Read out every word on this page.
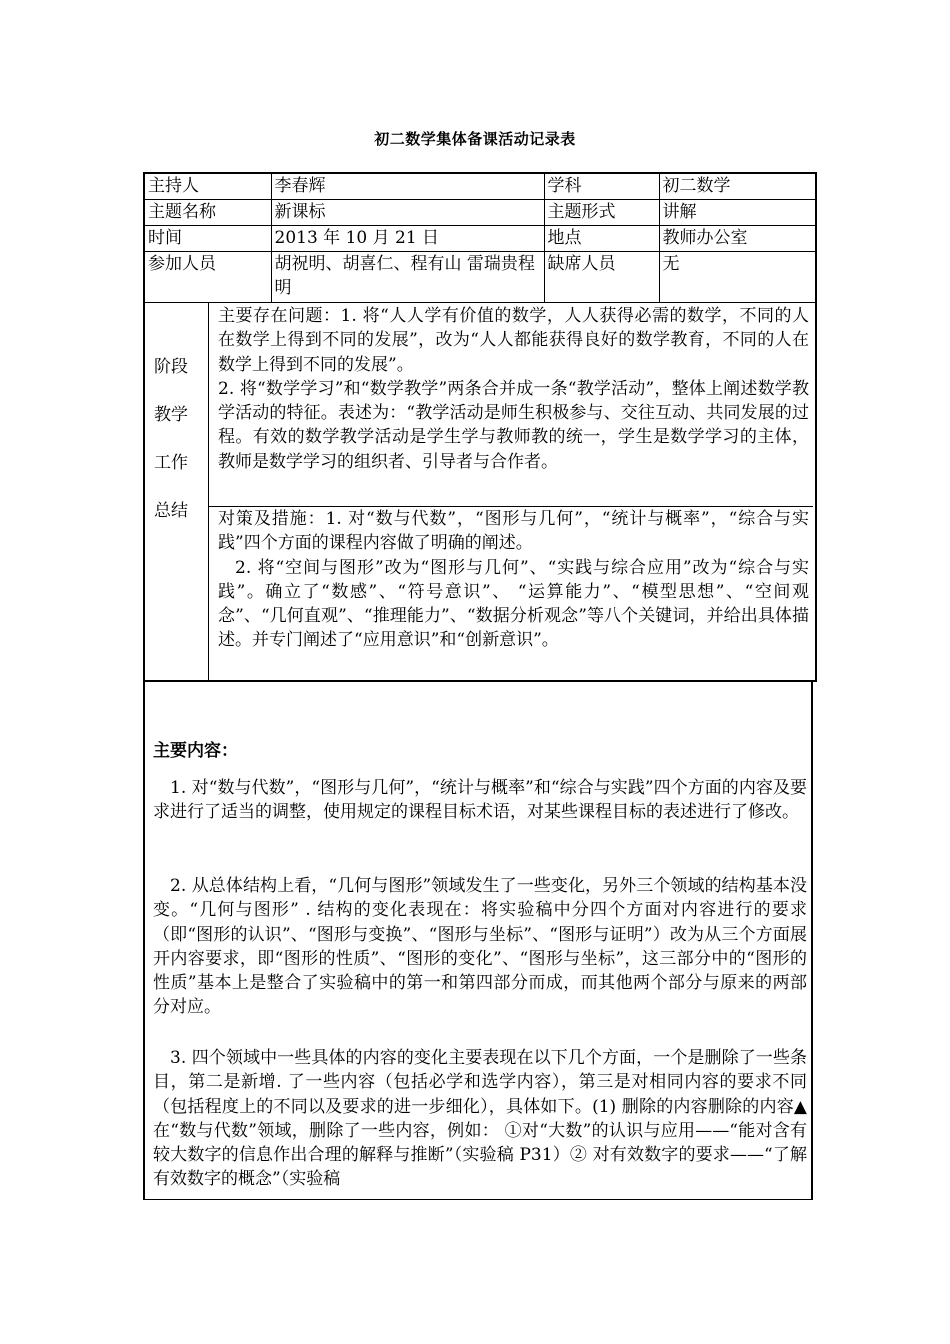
初二数学集体备课活动记录表
主持人	李春辉	学科	初二数学
主题名称	新课标	主题形式	讲解
时间	2013 年 10 月 21 日	地点	教师办公室
参加人员	胡祝明、胡喜仁、程有山 雷瑞贵程明	缺席人员	无
阶段
教学
工作
总结

主要存在问题：1. 将“人人学有价值的数学，人人获得必需的数学，不同的人在数学上得到不同的发展”，改为“人人都能获得良好的数学教育，不同的人在数学上得到不同的发展”。

2. 将“数学学习”和“数学教学”两条合并成一条“教学活动”，整体上阐述数学教学活动的特征。表述为：“教学活动是师生积极参与、交往互动、共同发展的过程。有效的数学教学活动是学生学与教师教的统一，学生是数学学习的主体，教师是数学学习的组织者、引导者与合作者。

对策及措施：1. 对“数与代数”，“图形与几何”，“统计与概率”，“综合与实践”四个方面的课程内容做了明确的阐述。

2. 将“空间与图形”改为“图形与几何”、“实践与综合应用”改为“综合与实践”。确立了“数感”、“符号意识”、 “运算能力”、“模型思想”、“空间观念”、“几何直观”、“推理能力”、“数据分析观念”等八个关键词，并给出具体描述。并专门阐述了“应用意识”和“创新意识”。

主要内容：

1. 对“数与代数”，“图形与几何”，“统计与概率”和“综合与实践”四个方面的内容及要求进行了适当的调整，使用规定的课程目标术语，对某些课程目标的表述进行了修改。

2. 从总体结构上看，“几何与图形”领域发生了一些变化，另外三个领域的结构基本没变。“几何与图形” . 结构的变化表现在：将实验稿中分四个方面对内容进行的要求（即“图形的认识”、“图形与变换”、“图形与坐标”、“图形与证明”）改为从三个方面展开内容要求，即“图形的性质”、“图形的变化”、“图形与坐标”，这三部分中的“图形的性质”基本上是整合了实验稿中的第一和第四部分而成，而其他两个部分与原来的两部分对应。

3. 四个领域中一些具体的内容的变化主要表现在以下几个方面，一个是删除了一些条目，第二是新增. 了一些内容（包括必学和选学内容），第三是对相同内容的要求不同（包括程度上的不同以及要求的进一步细化），具体如下。(1) 删除的内容删除的内容▲在“数与代数”领域，删除了一些内容，例如： ①对“大数”的认识与应用——“能对含有较大数字的信息作出合理的解释与推断”（实验稿 P31）② 对有效数字的要求——“了解有效数字的概念”（实验稿
